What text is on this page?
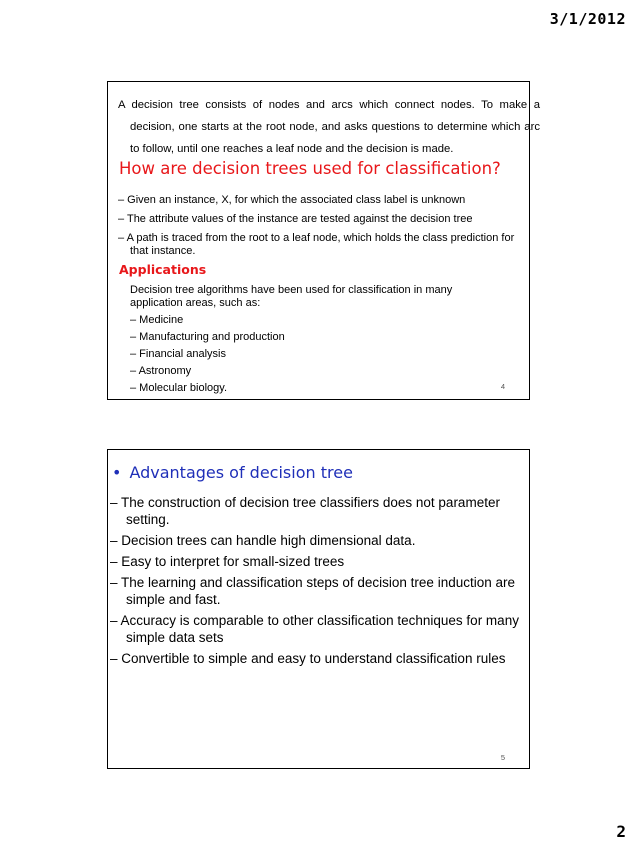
3/1/2012
A decision tree consists of nodes and arcs which connect nodes. To make a decision, one starts at the root node, and asks questions to determine which arc to follow, until one reaches a leaf node and the decision is made.
How are decision trees used for classification?
– Given an instance, X, for which the associated class label is unknown
– The attribute values of the instance are tested against the decision tree
– A path is traced from the root to a leaf node, which holds the class prediction for that instance.
Applications
Decision tree algorithms have been used for classification in many application areas, such as:
– Medicine
– Manufacturing and production
– Financial analysis
– Astronomy
– Molecular biology.	4
• Advantages of decision tree
– The construction of decision tree classifiers does not parameter setting.
– Decision trees can handle high dimensional data.
– Easy to interpret for small-sized trees
– The learning and classification steps of decision tree induction are simple and fast.
– Accuracy is comparable to other classification techniques for many simple data sets
– Convertible to simple and easy to understand classification rules
5
2
